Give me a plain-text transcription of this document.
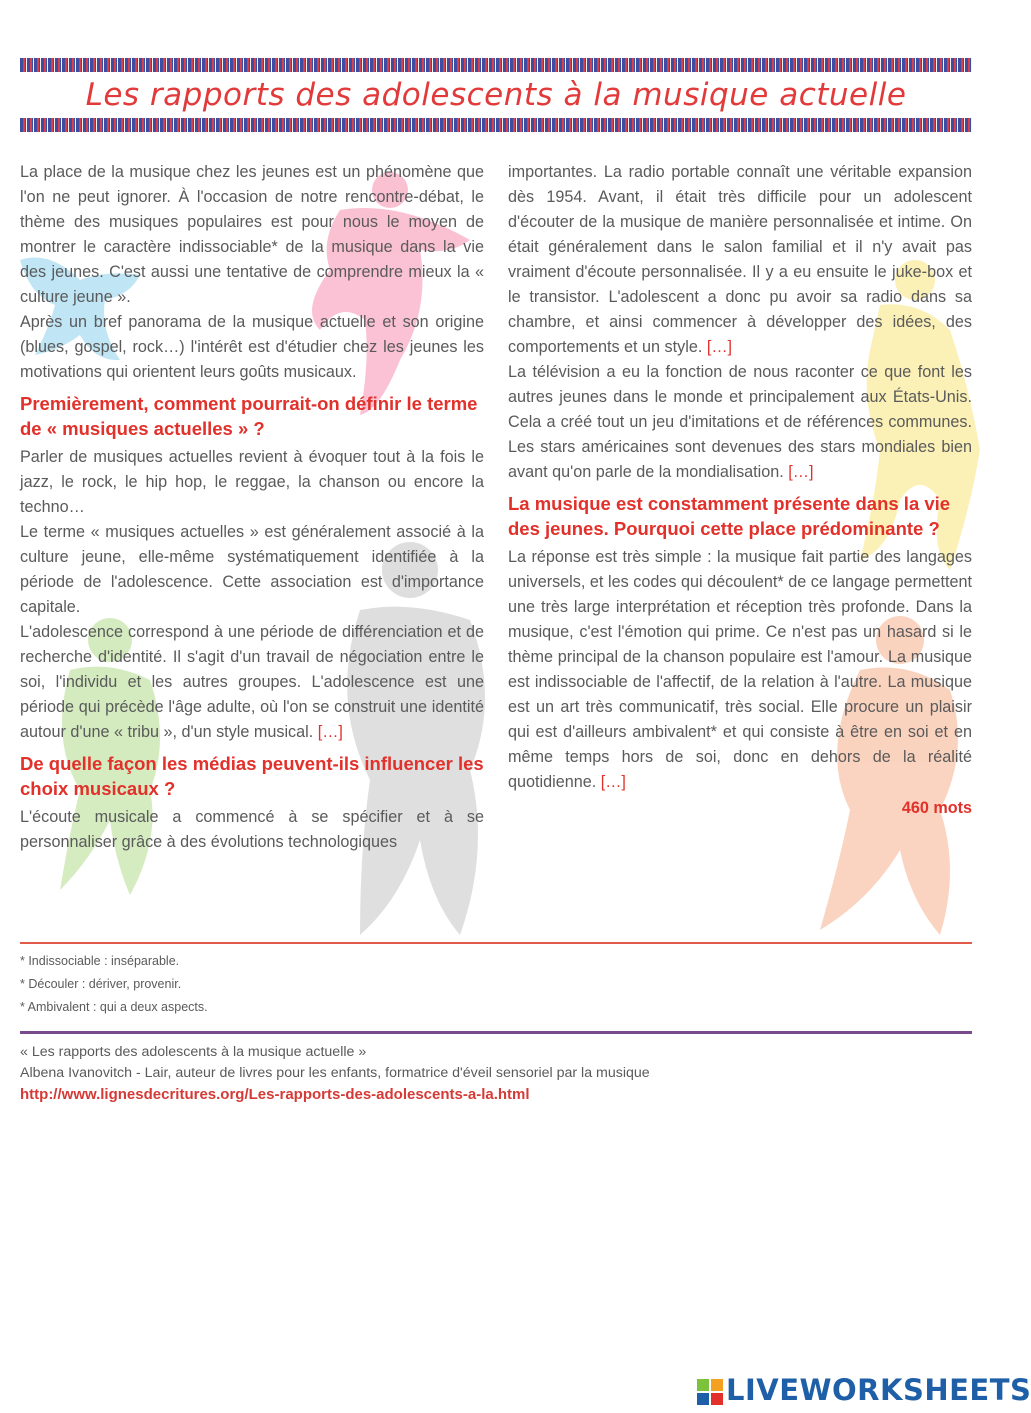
Les rapports des adolescents à la musique actuelle

La place de la musique chez les jeunes est un phénomène que l'on ne peut ignorer. À l'occasion de notre rencontre-débat, le thème des musiques populaires est pour nous le moyen de montrer le caractère indissociable* de la musique dans la vie des jeunes. C'est aussi une tentative de comprendre mieux la « culture jeune ».

Après un bref panorama de la musique actuelle et son origine (blues, gospel, rock…) l'intérêt est d'étudier chez les jeunes les motivations qui orientent leurs goûts musicaux.

Premièrement, comment pourrait-on définir le terme de « musiques actuelles » ?

Parler de musiques actuelles revient à évoquer tout à la fois le jazz, le rock, le hip hop, le reggae, la chanson ou encore la techno…

Le terme « musiques actuelles » est généralement associé à la culture jeune, elle-même systématiquement identifiée à la période de l'adolescence. Cette association est d'importance capitale.

L'adolescence correspond à une période de différenciation et de recherche d'identité. Il s'agit d'un travail de négociation entre le soi, l'individu et les autres groupes. L'adolescence est une période qui précède l'âge adulte, où l'on se construit une identité autour d'une « tribu », d'un style musical. […]

De quelle façon les médias peuvent-ils influencer les choix musicaux ?

L'écoute musicale a commencé à se spécifier et à se personnaliser grâce à des évolutions technologiques

importantes. La radio portable connaît une véritable expansion dès 1954. Avant, il était très difficile pour un adolescent d'écouter de la musique de manière personnalisée et intime. On était généralement dans le salon familial et il n'y avait pas vraiment d'écoute personnalisée. Il y a eu ensuite le juke-box et le transistor. L'adolescent a donc pu avoir sa radio dans sa chambre, et ainsi commencer à développer des idées, des comportements et un style. […]

La télévision a eu la fonction de nous raconter ce que font les autres jeunes dans le monde et principalement aux États-Unis. Cela a créé tout un jeu d'imitations et de références communes. Les stars américaines sont devenues des stars mondiales bien avant qu'on parle de la mondialisation. […]

La musique est constamment présente dans la vie des jeunes. Pourquoi cette place prédominante ?

La réponse est très simple : la musique fait partie des langages universels, et les codes qui découlent* de ce langage permettent une très large interprétation et réception très profonde. Dans la musique, c'est l'émotion qui prime. Ce n'est pas un hasard si le thème principal de la chanson populaire est l'amour. La musique est indissociable de l'affectif, de la relation à l'autre. La musique est un art très communicatif, très social. Elle procure un plaisir qui est d'ailleurs ambivalent* et qui consiste à être en soi et en même temps hors de soi, donc en dehors de la réalité quotidienne. […]

460 mots
* Indissociable : inséparable.
* Découler : dériver, provenir.
* Ambivalent : qui a deux aspects.
« Les rapports des adolescents à la musique actuelle »
Albena Ivanovitch - Lair, auteur de livres pour les enfants, formatrice d'éveil sensoriel par la musique
http://www.lignesdecritures.org/Les-rapports-des-adolescents-a-la.html
LIVEWORKSHEETS
